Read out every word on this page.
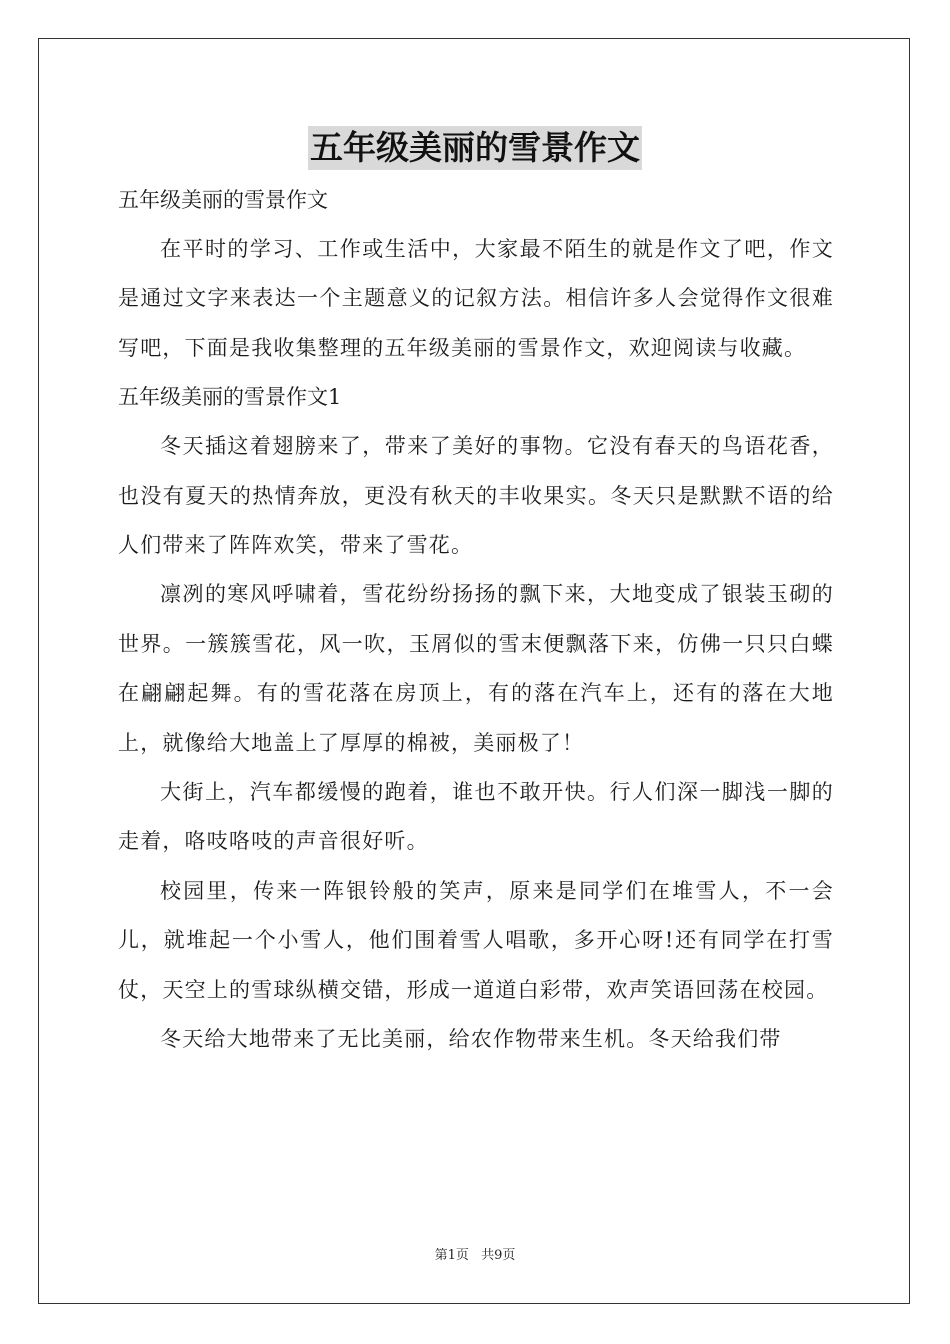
五年级美丽的雪景作文

五年级美丽的雪景作文

在平时的学习、工作或生活中，大家最不陌生的就是作文了吧，作文是通过文字来表达一个主题意义的记叙方法。相信许多人会觉得作文很难写吧，下面是我收集整理的五年级美丽的雪景作文，欢迎阅读与收藏。

五年级美丽的雪景作文1

冬天插这着翅膀来了，带来了美好的事物。它没有春天的鸟语花香，也没有夏天的热情奔放，更没有秋天的丰收果实。冬天只是默默不语的给人们带来了阵阵欢笑，带来了雪花。

凛冽的寒风呼啸着，雪花纷纷扬扬的飘下来，大地变成了银装玉砌的世界。一簇簇雪花，风一吹，玉屑似的雪末便飘落下来，仿佛一只只白蝶在翩翩起舞。有的雪花落在房顶上，有的落在汽车上，还有的落在大地上，就像给大地盖上了厚厚的棉被，美丽极了！

大街上，汽车都缓慢的跑着，谁也不敢开快。行人们深一脚浅一脚的走着，咯吱咯吱的声音很好听。

校园里，传来一阵银铃般的笑声，原来是同学们在堆雪人，不一会儿，就堆起一个小雪人，他们围着雪人唱歌，多开心呀!还有同学在打雪仗，天空上的雪球纵横交错，形成一道道白彩带，欢声笑语回荡在校园。

冬天给大地带来了无比美丽，给农作物带来生机。冬天给我们带

第1页 共9页
